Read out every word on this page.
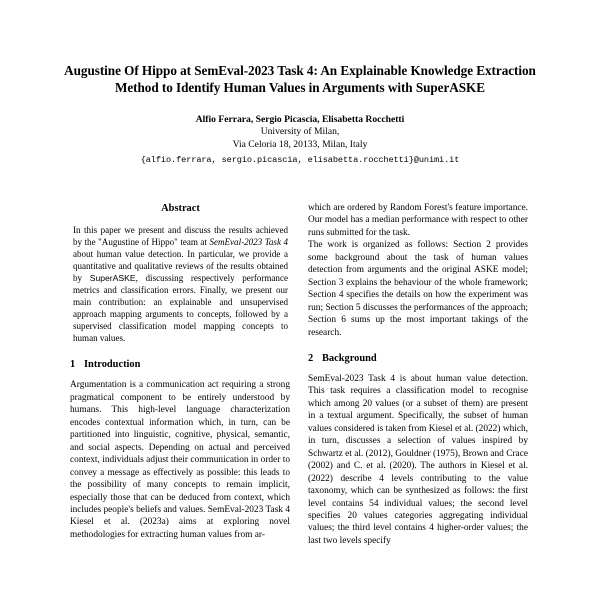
Augustine Of Hippo at SemEval-2023 Task 4: An Explainable Knowledge Extraction Method to Identify Human Values in Arguments with SuperASKE

Alfio Ferrara, Sergio Picascia, Elisabetta Rocchetti

University of Milan,

Via Celoria 18, 20133, Milan, Italy

{alfio.ferrara, sergio.picascia, elisabetta.rocchetti}@unimi.it

Abstract

In this paper we present and discuss the results achieved by the "Augustine of Hippo" team at SemEval-2023 Task 4 about human value detection. In particular, we provide a quantitative and qualitative reviews of the results obtained by SuperASKE, discussing respectively performance metrics and classification errors. Finally, we present our main contribution: an explainable and unsupervised approach mapping arguments to concepts, followed by a supervised classification model mapping concepts to human values.

1 Introduction

Argumentation is a communication act requiring a strong pragmatical component to be entirely understood by humans. This high-level language characterization encodes contextual information which, in turn, can be partitioned into linguistic, cognitive, physical, semantic, and social aspects. Depending on actual and perceived context, individuals adjust their communication in order to convey a message as effectively as possible: this leads to the possibility of many concepts to remain implicit, especially those that can be deduced from context, which includes people's beliefs and values. SemEval-2023 Task 4 Kiesel et al. (2023a) aims at exploring novel methodologies for extracting human values from ar-

which are ordered by Random Forest's feature importance. Our model has a median performance with respect to other runs submitted for the task.

The work is organized as follows: Section 2 provides some background about the task of human values detection from arguments and the original ASKE model; Section 3 explains the behaviour of the whole framework; Section 4 specifies the details on how the experiment was run; Section 5 discusses the performances of the approach; Section 6 sums up the most important takings of the research.

2 Background

SemEval-2023 Task 4 is about human value detection. This task requires a classification model to recognise which among 20 values (or a subset of them) are present in a textual argument. Specifically, the subset of human values considered is taken from Kiesel et al. (2022) which, in turn, discusses a selection of values inspired by Schwartz et al. (2012), Gouldner (1975), Brown and Crace (2002) and C. et al. (2020). The authors in Kiesel et al. (2022) describe 4 levels contributing to the value taxonomy, which can be synthesized as follows: the first level contains 54 individual values; the second level specifies 20 values categories aggregating individual values; the third level contains 4 higher-order values; the last two levels specify
